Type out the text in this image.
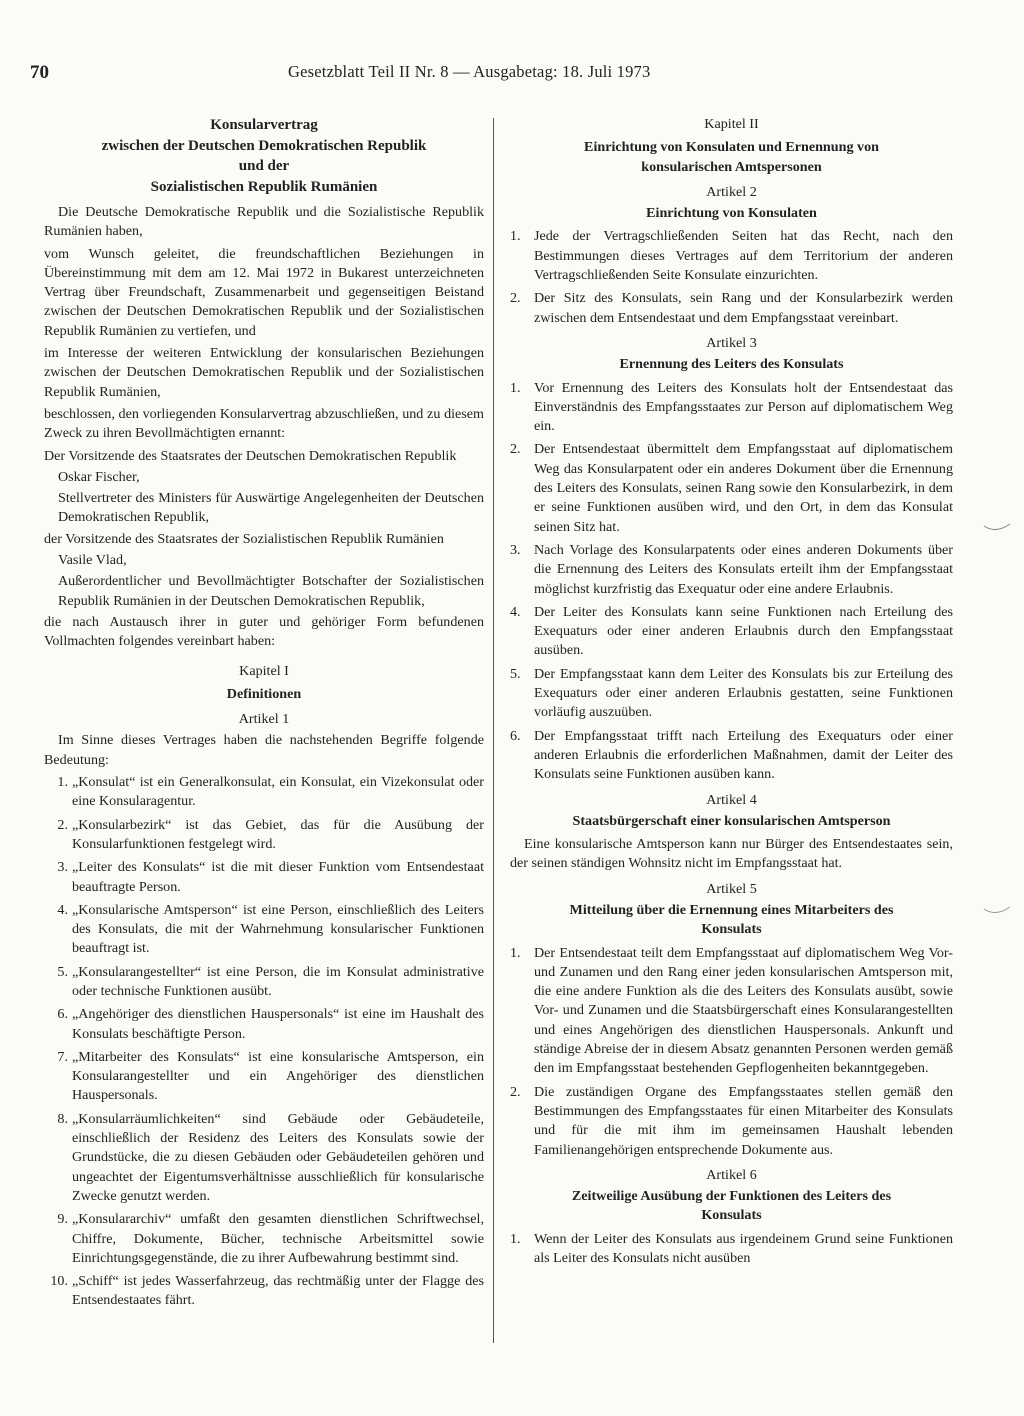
70	Gesetzblatt Teil II Nr. 8 — Ausgabetag: 18. Juli 1973
Konsularvertrag
zwischen der Deutschen Demokratischen Republik
und der
Sozialistischen Republik Rumänien

Die Deutsche Demokratische Republik und die Sozialistische Republik Rumänien haben,

vom Wunsch geleitet, die freundschaftlichen Beziehungen in Übereinstimmung mit dem am 12. Mai 1972 in Bukarest unterzeichneten Vertrag über Freundschaft, Zusammenarbeit und gegenseitigen Beistand zwischen der Deutschen Demokratischen Republik und der Sozialistischen Republik Rumänien zu vertiefen, und

im Interesse der weiteren Entwicklung der konsularischen Beziehungen zwischen der Deutschen Demokratischen Republik und der Sozialistischen Republik Rumänien,

beschlossen, den vorliegenden Konsularvertrag abzuschließen, und zu diesem Zweck zu ihren Bevollmächtigten ernannt:

Der Vorsitzende des Staatsrates der Deutschen Demokratischen Republik

Oskar Fischer,

Stellvertreter des Ministers für Auswärtige Angelegenheiten der Deutschen Demokratischen Republik,

der Vorsitzende des Staatsrates der Sozialistischen Republik Rumänien

Vasile Vlad,

Außerordentlicher und Bevollmächtigter Botschafter der Sozialistischen Republik Rumänien in der Deutschen Demokratischen Republik,

die nach Austausch ihrer in guter und gehöriger Form befundenen Vollmachten folgendes vereinbart haben:

Kapitel I
Definitionen
Artikel 1

Im Sinne dieses Vertrages haben die nachstehenden Begriffe folgende Bedeutung:

1. „Konsulat“ ist ein Generalkonsulat, ein Konsulat, ein Vizekonsulat oder eine Konsularagentur.
2. „Konsularbezirk“ ist das Gebiet, das für die Ausübung der Konsularfunktionen festgelegt wird.
3. „Leiter des Konsulats“ ist die mit dieser Funktion vom Entsendestaat beauftragte Person.
4. „Konsularische Amtsperson“ ist eine Person, einschließlich des Leiters des Konsulats, die mit der Wahrnehmung konsularischer Funktionen beauftragt ist.
5. „Konsularangestellter“ ist eine Person, die im Konsulat administrative oder technische Funktionen ausübt.
6. „Angehöriger des dienstlichen Hauspersonals“ ist eine im Haushalt des Konsulats beschäftigte Person.
7. „Mitarbeiter des Konsulats“ ist eine konsularische Amtsperson, ein Konsularangestellter und ein Angehöriger des dienstlichen Hauspersonals.
8. „Konsularräumlichkeiten“ sind Gebäude oder Gebäudeteile, einschließlich der Residenz des Leiters des Konsulats sowie der Grundstücke, die zu diesen Gebäuden oder Gebäudeteilen gehören und ungeachtet der Eigentumsverhältnisse ausschließlich für konsularische Zwecke genutzt werden.
9. „Konsulararchiv“ umfaßt den gesamten dienstlichen Schriftwechsel, Chiffre, Dokumente, Bücher, technische Arbeitsmittel sowie Einrichtungsgegenstände, die zu ihrer Aufbewahrung bestimmt sind.
10. „Schiff“ ist jedes Wasserfahrzeug, das rechtmäßig unter der Flagge des Entsendestaates fährt.
Kapitel II
Einrichtung von Konsulaten und Ernennung von konsularischen Amtspersonen
Artikel 2
Einrichtung von Konsulaten
1. Jede der Vertragschließenden Seiten hat das Recht, nach den Bestimmungen dieses Vertrages auf dem Territorium der anderen Vertragschließenden Seite Konsulate einzurichten.
2. Der Sitz des Konsulats, sein Rang und der Konsularbezirk werden zwischen dem Entsendestaat und dem Empfangsstaat vereinbart.
Artikel 3
Ernennung des Leiters des Konsulats
1. Vor Ernennung des Leiters des Konsulats holt der Entsendestaat das Einverständnis des Empfangsstaates zur Person auf diplomatischem Weg ein.
2. Der Entsendestaat übermittelt dem Empfangsstaat auf diplomatischem Weg das Konsularpatent oder ein anderes Dokument über die Ernennung des Leiters des Konsulats, seinen Rang sowie den Konsularbezirk, in dem er seine Funktionen ausüben wird, und den Ort, in dem das Konsulat seinen Sitz hat.
3. Nach Vorlage des Konsularpatents oder eines anderen Dokuments über die Ernennung des Leiters des Konsulats erteilt ihm der Empfangsstaat möglichst kurzfristig das Exequatur oder eine andere Erlaubnis.
4. Der Leiter des Konsulats kann seine Funktionen nach Erteilung des Exequaturs oder einer anderen Erlaubnis durch den Empfangsstaat ausüben.
5. Der Empfangsstaat kann dem Leiter des Konsulats bis zur Erteilung des Exequaturs oder einer anderen Erlaubnis gestatten, seine Funktionen vorläufig auszuüben.
6. Der Empfangsstaat trifft nach Erteilung des Exequaturs oder einer anderen Erlaubnis die erforderlichen Maßnahmen, damit der Leiter des Konsulats seine Funktionen ausüben kann.
Artikel 4
Staatsbürgerschaft einer konsularischen Amtsperson

Eine konsularische Amtsperson kann nur Bürger des Entsendestaates sein, der seinen ständigen Wohnsitz nicht im Empfangsstaat hat.

Artikel 5
Mitteilung über die Ernennung eines Mitarbeiters des Konsulats
1. Der Entsendestaat teilt dem Empfangsstaat auf diplomatischem Weg Vor- und Zunamen und den Rang einer jeden konsularischen Amtsperson mit, die eine andere Funktion als die des Leiters des Konsulats ausübt, sowie Vor- und Zunamen und die Staatsbürgerschaft eines Konsularangestellten und eines Angehörigen des dienstlichen Hauspersonals. Ankunft und ständige Abreise der in diesem Absatz genannten Personen werden gemäß den im Empfangsstaat bestehenden Gepflogenheiten bekanntgegeben.
2. Die zuständigen Organe des Empfangsstaates stellen gemäß den Bestimmungen des Empfangsstaates für einen Mitarbeiter des Konsulats und für die mit ihm im gemeinsamen Haushalt lebenden Familienangehörigen entsprechende Dokumente aus.
Artikel 6
Zeitweilige Ausübung der Funktionen des Leiters des Konsulats
1. Wenn der Leiter des Konsulats aus irgendeinem Grund seine Funktionen als Leiter des Konsulats nicht ausüben
